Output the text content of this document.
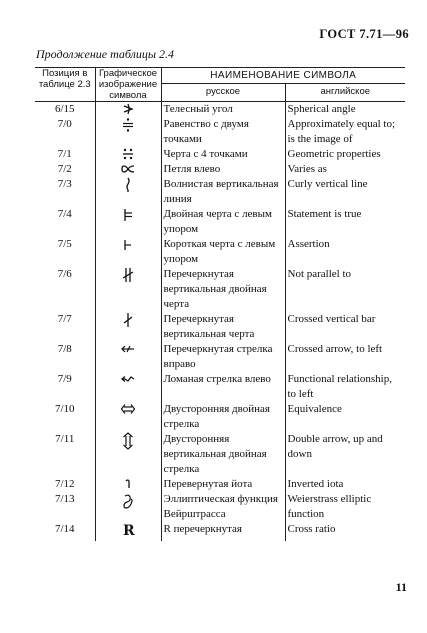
ГОСТ 7.71—96
Продолжение таблицы 2.4
Позиция в таблице 2.3	Графическое изображение символа	НАИМЕНОВАНИЕ СИМВОЛА	
		русское	английское
6/15		Телесный угол	Spherical angle
7/0		Равенство с двумя точками	Approximately equal to; is the image of
7/1		Черта с 4 точками	Geometric properties
7/2		Петля влево	Varies as
7/3		Волнистая вертикальная линия	Curly vertical line
7/4		Двойная черта с левым упором	Statement is true
7/5		Короткая черта с левым упором	Assertion
7/6		Перечеркнутая вертикальная двойная черта	Not parallel to
7/7		Перечеркнутая вертикальная черта	Crossed vertical bar
7/8		Перечеркнутая стрелка вправо	Crossed arrow, to left
7/9		Ломаная стрелка влево	Functional relationship, to left
7/10		Двусторонняя двойная стрелка	Equivalence
7/11		Двусторонняя вертикальная двойная стрелка	Double arrow, up and down
7/12		Перевернутая йота	Inverted iota
7/13		Эллиптическая функция Вейрштрасса	Weierstrass elliptic function
7/14	R	R перечеркнутая	Cross ratio
11
